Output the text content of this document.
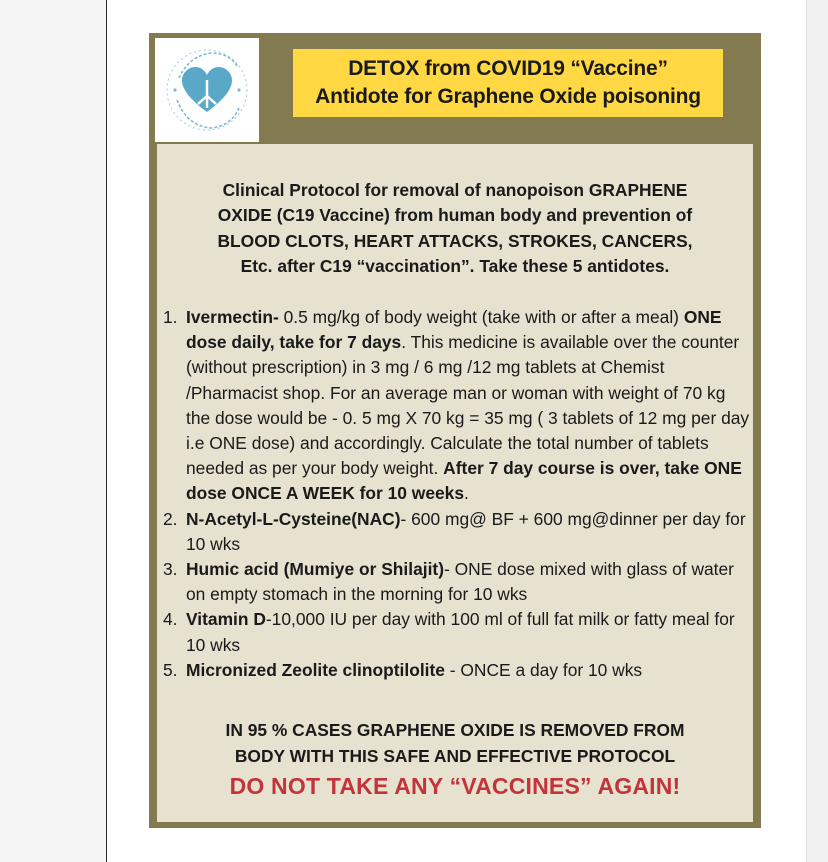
DETOX from COVID19 “Vaccine”
Antidote for Graphene Oxide poisoning
Clinical Protocol for removal of nanopoison GRAPHENE
OXIDE (C19 Vaccine) from human body and prevention of
BLOOD CLOTS, HEART ATTACKS, STROKES, CANCERS,
Etc. after C19 “vaccination”. Take these 5 antidotes.
1. Ivermectin- 0.5 mg/kg of body weight (take with or after a meal) ONE dose daily, take for 7 days. This medicine is available over the counter (without prescription) in 3 mg / 6 mg /12 mg tablets at Chemist /Pharmacist shop. For an average man or woman with weight of 70 kg the dose would be - 0. 5 mg X 70 kg = 35 mg ( 3 tablets of 12 mg per day i.e ONE dose) and accordingly. Calculate the total number of tablets needed as per your body weight. After 7 day course is over, take ONE dose ONCE A WEEK for 10 weeks.
2. N-Acetyl-L-Cysteine(NAC)- 600 mg@ BF + 600 mg@dinner per day for 10 wks
3. Humic acid (Mumiye or Shilajit)- ONE dose mixed with glass of water on empty stomach in the morning for 10 wks
4. Vitamin D-10,000 IU per day with 100 ml of full fat milk or fatty meal for 10 wks
5. Micronized Zeolite clinoptilolite - ONCE a day for 10 wks
IN 95 % CASES GRAPHENE OXIDE IS REMOVED FROM
BODY WITH THIS SAFE AND EFFECTIVE PROTOCOL
DO NOT TAKE ANY “VACCINES” AGAIN!
